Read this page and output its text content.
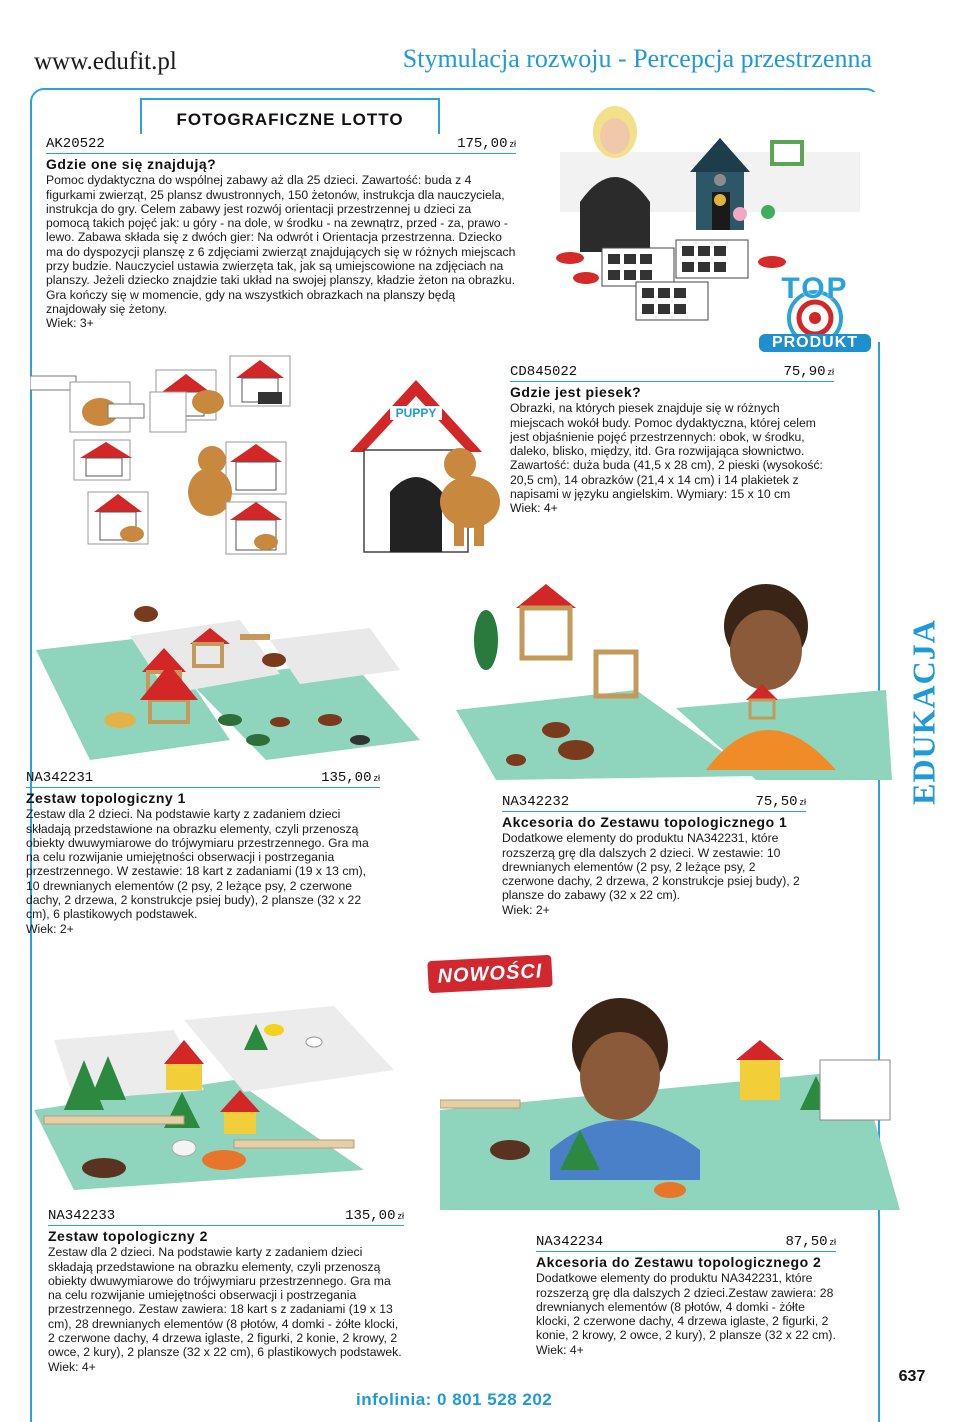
www.edufit.pl	Stymulacja rozwoju - Percepcja przestrzenna
FOTOGRAFICZNE LOTTO
AK20522	175,00 zł
Gdzie one się znajdują?
Pomoc dydaktyczna do wspólnej zabawy aż dla 25 dzieci. Zawartość: buda z 4 figurkami zwierząt, 25 plansz dwustronnych, 150 żetonów, instrukcja dla nauczyciela, instrukcja do gry. Celem zabawy jest rozwój orientacji przestrzennej u dzieci za pomocą takich pojęć jak: u góry - na dole, w środku - na zewnątrz, przed - za, prawo - lewo. Zabawa składa się z dwóch gier: Na odwrót i Orientacja przestrzenna. Dziecko ma do dyspozycji planszę z 6 zdjęciami zwierząt znajdujących się w różnych miejscach przy budzie. Nauczyciel ustawia zwierzęta tak, jak są umiejscowione na zdjęciach na planszy. Jeżeli dziecko znajdzie taki układ na swojej planszy, kładzie żeton na obrazku. Gra kończy się w momencie, gdy na wszystkich obrazkach na planszy będą znajdowały się żetony.
Wiek: 3+
TOP
PRODUKT
PUPPY
CD845022	75,90 zł
Gdzie jest piesek?
Obrazki, na których piesek znajduje się w różnych miejscach wokół budy. Pomoc dydaktyczna, której celem jest objaśnienie pojęć przestrzennych: obok, w środku, daleko, blisko, między, itd. Gra rozwijająca słownictwo. Zawartość: duża buda (41,5 x 28 cm), 2 pieski (wysokość: 20,5 cm), 14 obrazków (21,4 x 14 cm) i 14 plakietek z napisami w języku angielskim. Wymiary: 15 x 10 cm
Wiek: 4+
EDUKACJA
NA342231	135,00 zł
Zestaw topologiczny 1
Zestaw dla 2 dzieci. Na podstawie karty z zadaniem dzieci składają przedstawione na obrazku elementy, czyli przenoszą obiekty dwuwymiarowe do trójwymiaru przestrzennego. Gra ma na celu rozwijanie umiejętności obserwacji i postrzegania przestrzennego. W zestawie: 18 kart z zadaniami (19 x 13 cm), 10 drewnianych elementów (2 psy, 2 leżące psy, 2 czerwone dachy, 2 drzewa, 2 konstrukcje psiej budy), 2 plansze (32 x 22 cm), 6 plastikowych podstawek.
Wiek: 2+
NA342232	75,50 zł
Akcesoria do Zestawu topologicznego 1
Dodatkowe elementy do produktu NA342231, które rozszerzą grę dla dalszych 2 dzieci. W zestawie: 10 drewnianych elementów (2 psy, 2 leżące psy, 2 czerwone dachy, 2 drzewa, 2 konstrukcje psiej budy), 2 plansze do zabawy (32 x 22 cm).
Wiek: 2+
NOWOŚCI
NA342233	135,00 zł
Zestaw topologiczny 2
Zestaw dla 2 dzieci. Na podstawie karty z zadaniem dzieci składają przedstawione na obrazku elementy, czyli przenoszą obiekty dwuwymiarowe do trójwymiaru przestrzennego. Gra ma na celu rozwijanie umiejętności obserwacji i postrzegania przestrzennego. Zestaw zawiera: 18 kart s z zadaniami (19 x 13 cm), 28 drewnianych elementów (8 płotów, 4 domki - żółte klocki, 2 czerwone dachy, 4 drzewa iglaste, 2 figurki, 2 konie, 2 krowy, 2 owce, 2 kury), 2 plansze (32 x 22 cm), 6 plastikowych podstawek.
Wiek: 4+
NA342234	87,50 zł
Akcesoria do Zestawu topologicznego 2
Dodatkowe elementy do produktu NA342231, które rozszerzą grę dla dalszych 2 dzieci.Zestaw zawiera: 28 drewnianych elementów (8 płotów, 4 domki - żółte klocki, 2 czerwone dachy, 4 drzewa iglaste, 2 figurki, 2 konie, 2 krowy, 2 owce, 2 kury), 2 plansze (32 x 22 cm).
Wiek: 4+
637
infolinia: 0 801 528 202
